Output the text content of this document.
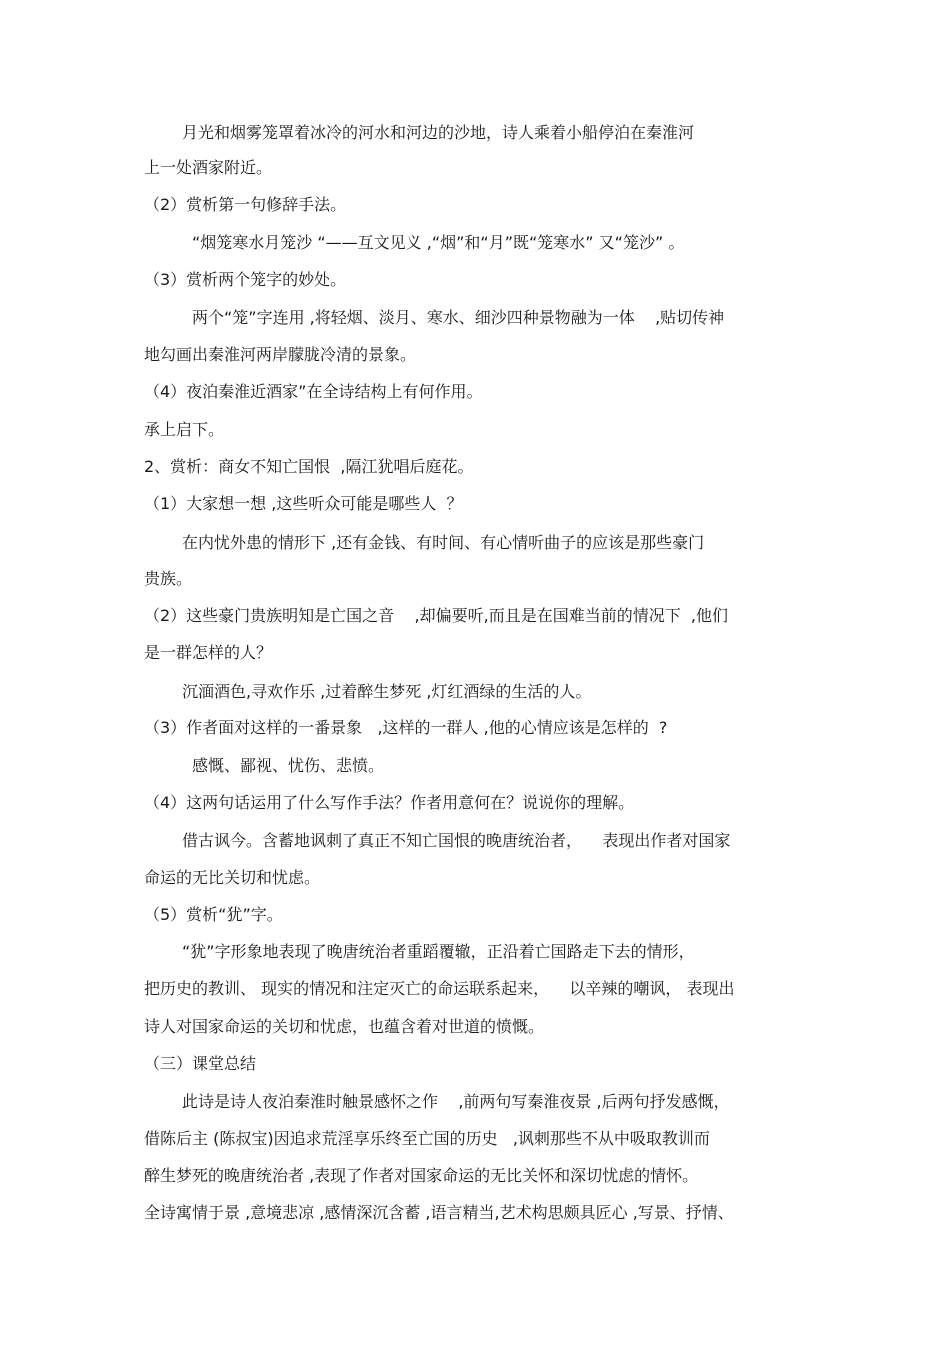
月光和烟雾笼罩着冰冷的河水和河边的沙地，诗人乘着小船停泊在秦淮河
上一处酒家附近。
（2）赏析第一句修辞手法。
“烟笼寒水月笼沙 “——互文见义 ,“烟”和“月”既“笼寒水” 又“笼沙” 。
（3）赏析两个笼字的妙处。
两个“笼”字连用 ,将轻烟、淡月、寒水、细沙四种景物融为一体    ,贴切传神
地勾画出秦淮河两岸朦胧冷清的景象。
（4）夜泊秦淮近酒家”在全诗结构上有何作用。
承上启下。
2、赏析：商女不知亡国恨  ,隔江犹唱后庭花。
（1）大家想一想 ,这些听众可能是哪些人  ？
在内忧外患的情形下 ,还有金钱、有时间、有心情听曲子的应该是那些豪门
贵族。
（2）这些豪门贵族明知是亡国之音    ,却偏要听,而且是在国难当前的情况下  ,他们
是一群怎样的人？
沉湎酒色,寻欢作乐 ,过着醉生梦死 ,灯红酒绿的生活的人。
（3）作者面对这样的一番景象   ,这样的一群人 ,他的心情应该是怎样的  ?
感慨、鄙视、忧伤、悲愤。
（4）这两句话运用了什么写作手法？作者用意何在？说说你的理解。
借古讽今。含蓄地讽刺了真正不知亡国恨的晚唐统治者，    表现出作者对国家
命运的无比关切和忧虑。
（5）赏析“犹”字。
“犹”字形象地表现了晚唐统治者重蹈覆辙，正沿着亡国路走下去的情形，
把历史的教训、 现实的情况和注定灭亡的命运联系起来，    以辛辣的嘲讽， 表现出
诗人对国家命运的关切和忧虑，也蕴含着对世道的愤慨。
（三）课堂总结
此诗是诗人夜泊秦淮时触景感怀之作    ,前两句写秦淮夜景 ,后两句抒发感慨，
借陈后主 (陈叔宝)因追求荒淫享乐终至亡国的历史   ,讽刺那些不从中吸取教训而
醉生梦死的晚唐统治者 ,表现了作者对国家命运的无比关怀和深切忧虑的情怀。
全诗寓情于景 ,意境悲凉 ,感情深沉含蓄 ,语言精当,艺术构思颇具匠心 ,写景、抒情、
